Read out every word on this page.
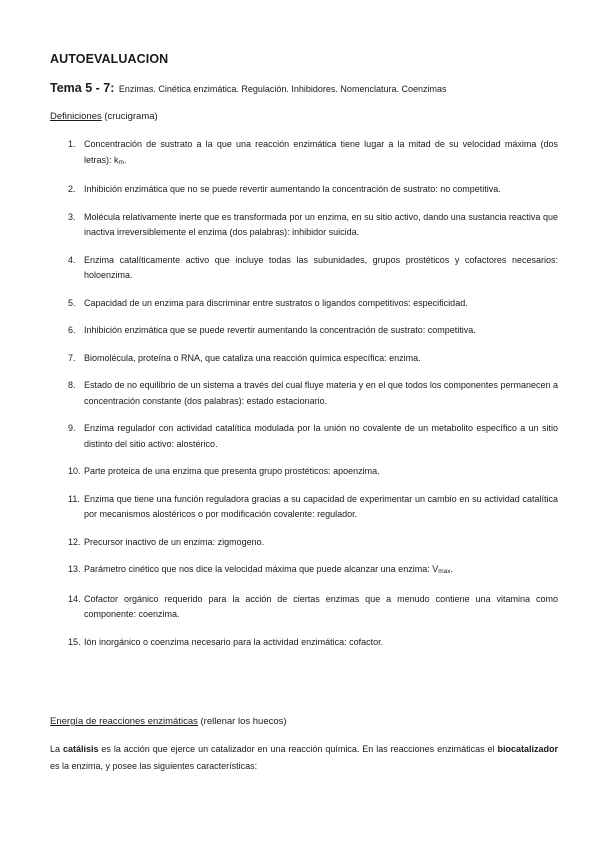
AUTOEVALUACION
Tema 5 - 7: Enzimas. Cinética enzimática. Regulación. Inhibidores. Nomenclatura. Coenzimas
Definiciones (crucigrama)
1. Concentración de sustrato a la que una reacción enzimática tiene lugar a la mitad de su velocidad máxima (dos letras): km.
2. Inhibición enzimática que no se puede revertir aumentando la concentración de sustrato: no competitiva.
3. Molécula relativamente inerte que es transformada por un enzima, en su sitio activo, dando una sustancia reactiva que inactiva irreversiblemente el enzima (dos palabras): inhibidor suicida.
4. Enzima catalíticamente activo que incluye todas las subunidades, grupos prostéticos y cofactores necesarios: holoenzima.
5. Capacidad de un enzima para discriminar entre sustratos o ligandos competitivos: especificidad.
6. Inhibición enzimática que se puede revertir aumentando la concentración de sustrato: competitiva.
7. Biomolécula, proteína o RNA, que cataliza una reacción química específica: enzima.
8. Estado de no equilibrio de un sistema a través del cual fluye materia y en el que todos los componentes permanecen a concentración constante (dos palabras): estado estacionario.
9. Enzima regulador con actividad catalítica modulada por la unión no covalente de un metabolito específico a un sitio distinto del sitio activo: alostérico.
10. Parte proteica de una enzima que presenta grupo prostéticos: apoenzima.
11. Enzima que tiene una función reguladora gracias a su capacidad de experimentar un cambio en su actividad catalítica por mecanismos alostéricos o por modificación covalente: regulador.
12. Precursor inactivo de un enzima: zigmogeno.
13. Parámetro cinético que nos dice la velocidad máxima que puede alcanzar una enzima: Vmax.
14. Cofactor orgánico requerido para la acción de ciertas enzimas que a menudo contiene una vitamina como componente: coenzima.
15. Ión inorgánico o coenzima necesario para la actividad enzimática: cofactor.
Energía de reacciones enzimáticas (rellenar los huecos)
La catálisis es la acción que ejerce un catalizador en una reacción química. En las reacciones enzimáticas el biocatalizador es la enzima, y posee las siguientes características:
